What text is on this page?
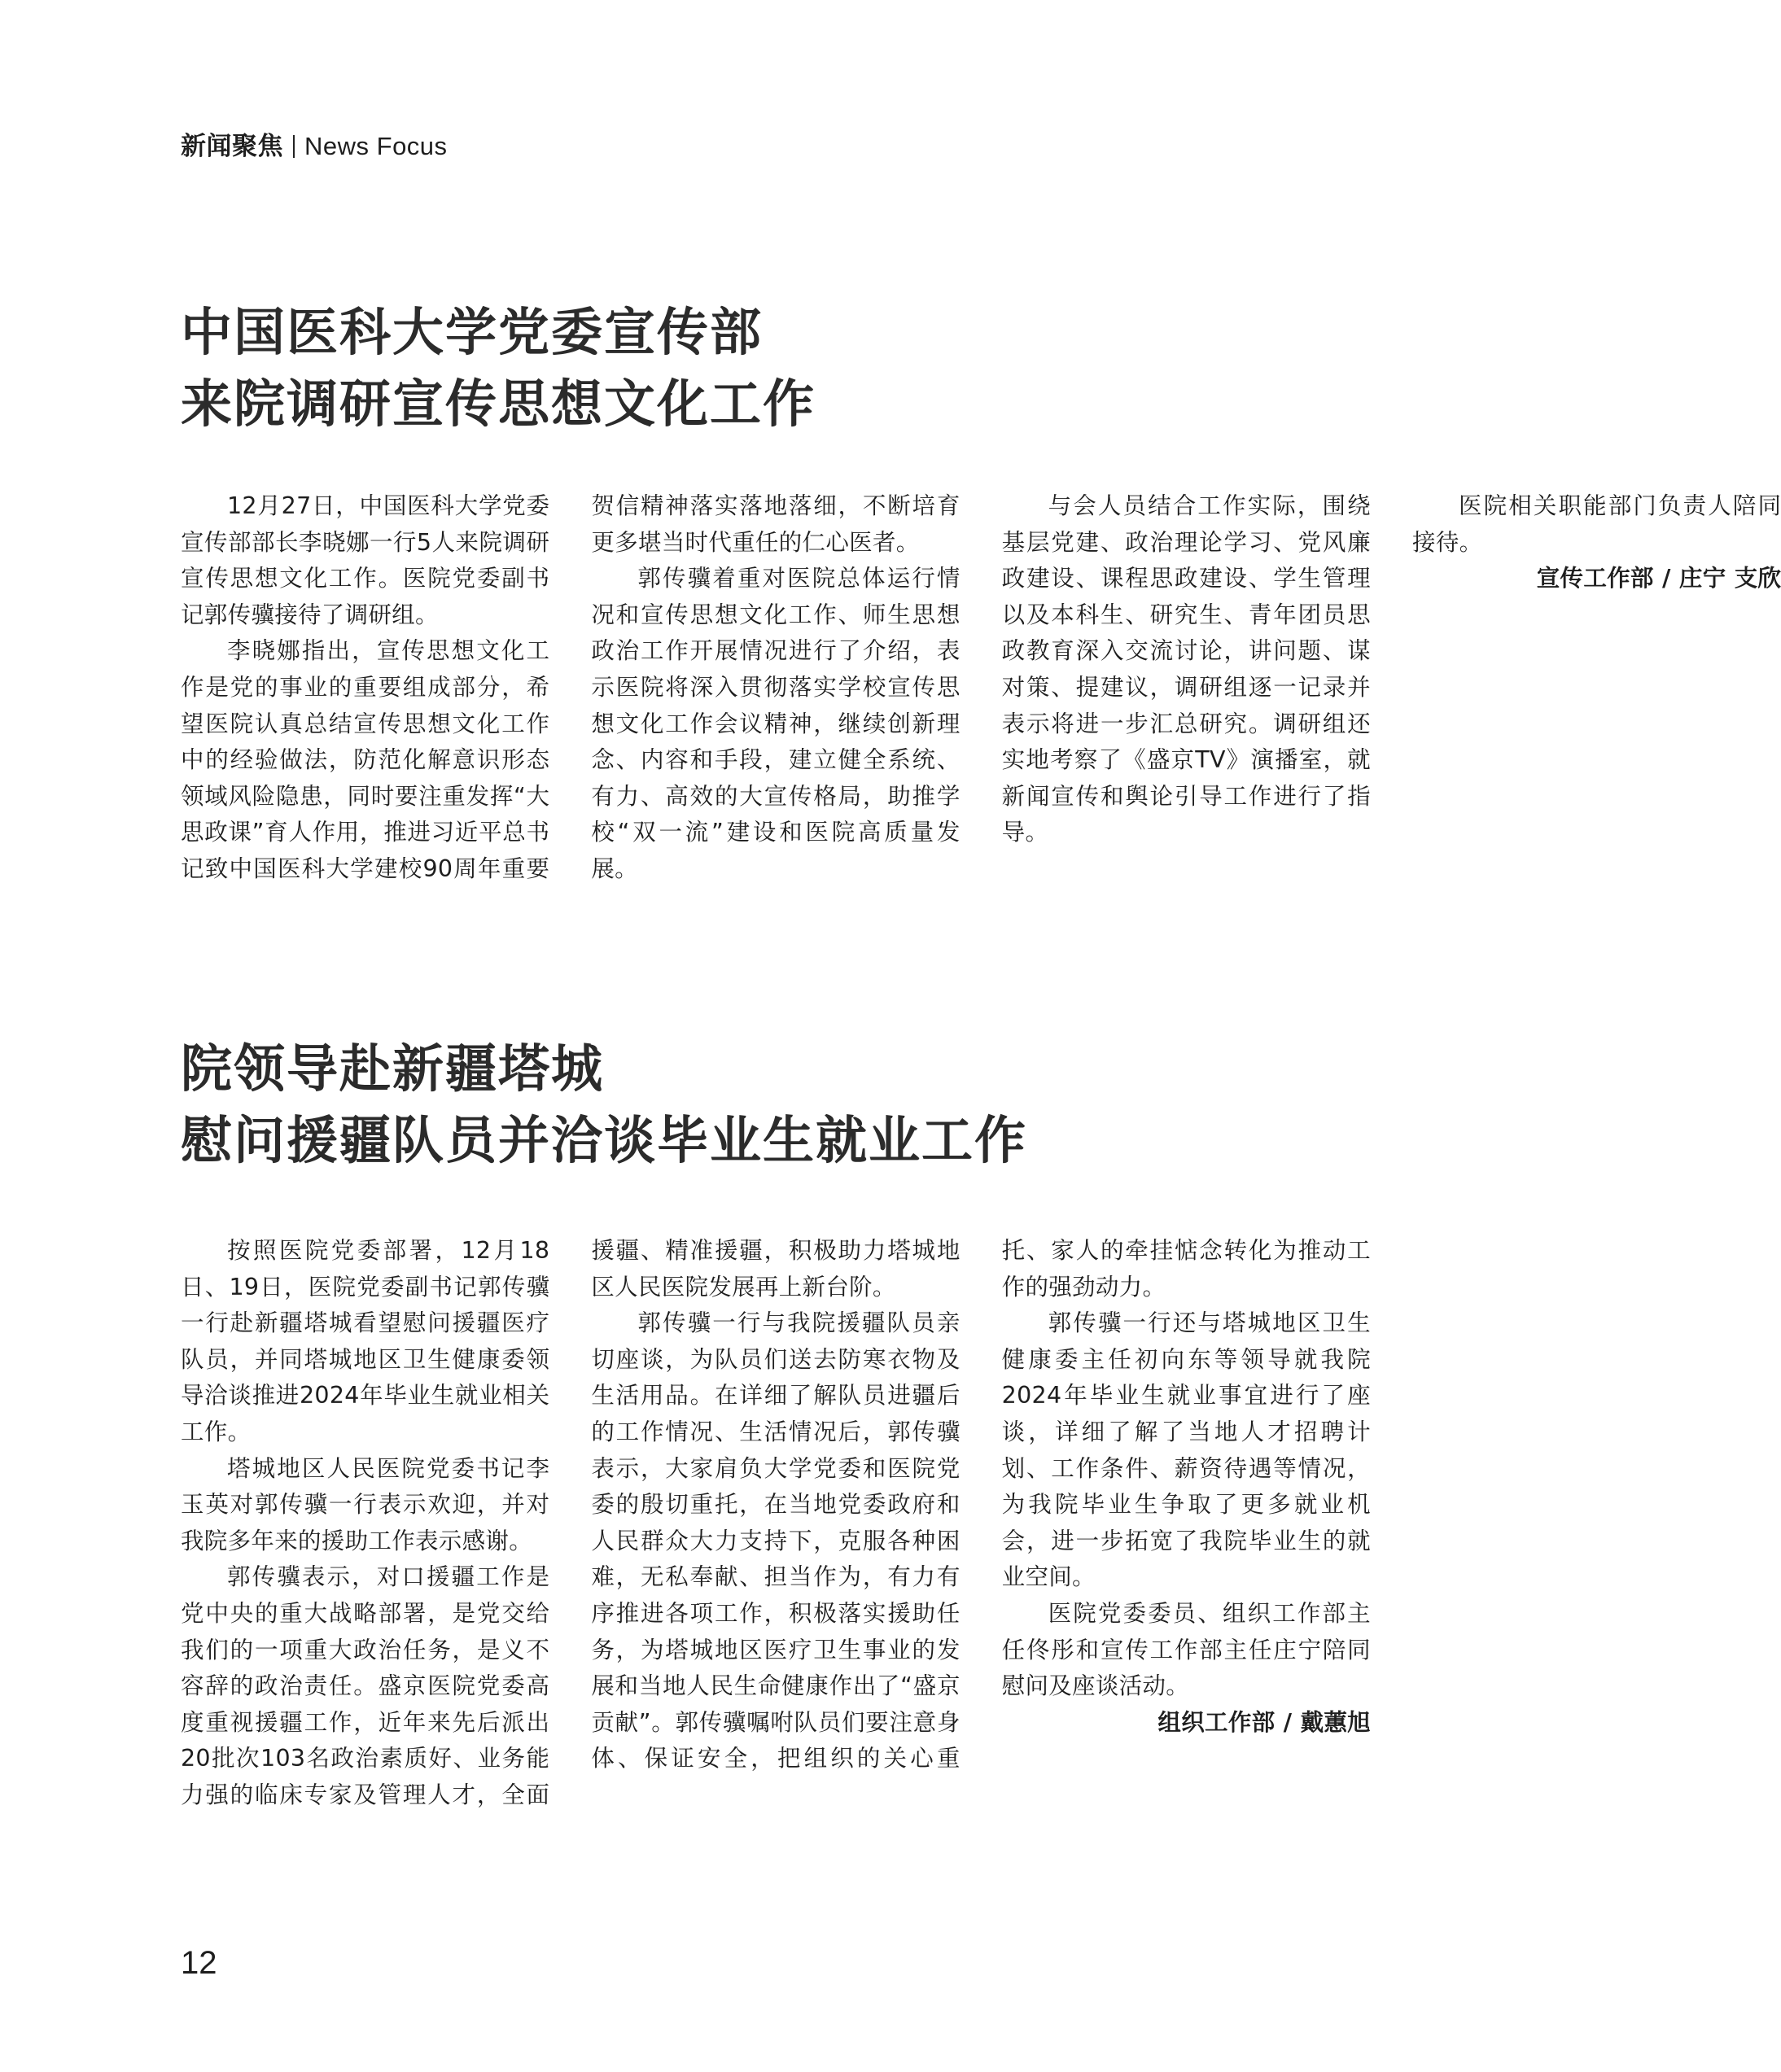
新闻聚焦 News Focus
中国医科大学党委宣传部
来院调研宣传思想文化工作

12月27日，中国医科大学党委宣传部部长李晓娜一行5人来院调研宣传思想文化工作。医院党委副书记郭传骥接待了调研组。

李晓娜指出，宣传思想文化工作是党的事业的重要组成部分，希望医院认真总结宣传思想文化工作中的经验做法，防范化解意识形态领域风险隐患，同时要注重发挥“大思政课”育人作用，推进习近平总书记致中国医科大学建校90周年重要贺信精神落实落地落细，不断培育更多堪当时代重任的仁心医者。

郭传骥着重对医院总体运行情况和宣传思想文化工作、师生思想政治工作开展情况进行了介绍，表示医院将深入贯彻落实学校宣传思想文化工作会议精神，继续创新理念、内容和手段，建立健全系统、有力、高效的大宣传格局，助推学校“双一流”建设和医院高质量发展。

与会人员结合工作实际，围绕基层党建、政治理论学习、党风廉政建设、课程思政建设、学生管理以及本科生、研究生、青年团员思政教育深入交流讨论，讲问题、谋对策、提建议，调研组逐一记录并表示将进一步汇总研究。调研组还实地考察了《盛京TV》演播室，就新闻宣传和舆论引导工作进行了指导。

医院相关职能部门负责人陪同接待。

宣传工作部 / 庄宁 支欣

院领导赴新疆塔城
慰问援疆队员并洽谈毕业生就业工作

按照医院党委部署，12月18日、19日，医院党委副书记郭传骥一行赴新疆塔城看望慰问援疆医疗队员，并同塔城地区卫生健康委领导洽谈推进2024年毕业生就业相关工作。

塔城地区人民医院党委书记李玉英对郭传骥一行表示欢迎，并对我院多年来的援助工作表示感谢。

郭传骥表示，对口援疆工作是党中央的重大战略部署，是党交给我们的一项重大政治任务，是义不容辞的政治责任。盛京医院党委高度重视援疆工作，近年来先后派出20批次103名政治素质好、业务能力强的临床专家及管理人才，全面援疆、精准援疆，积极助力塔城地区人民医院发展再上新台阶。

郭传骥一行与我院援疆队员亲切座谈，为队员们送去防寒衣物及生活用品。在详细了解队员进疆后的工作情况、生活情况后，郭传骥表示，大家肩负大学党委和医院党委的殷切重托，在当地党委政府和人民群众大力支持下，克服各种困难，无私奉献、担当作为，有力有序推进各项工作，积极落实援助任务，为塔城地区医疗卫生事业的发展和当地人民生命健康作出了“盛京贡献”。郭传骥嘱咐队员们要注意身体、保证安全，把组织的关心重托、家人的牵挂惦念转化为推动工作的强劲动力。

郭传骥一行还与塔城地区卫生健康委主任初向东等领导就我院2024年毕业生就业事宜进行了座谈，详细了解了当地人才招聘计划、工作条件、薪资待遇等情况，为我院毕业生争取了更多就业机会，进一步拓宽了我院毕业生的就业空间。

医院党委委员、组织工作部主任佟彤和宣传工作部主任庄宁陪同慰问及座谈活动。

组织工作部 / 戴蕙旭

12
